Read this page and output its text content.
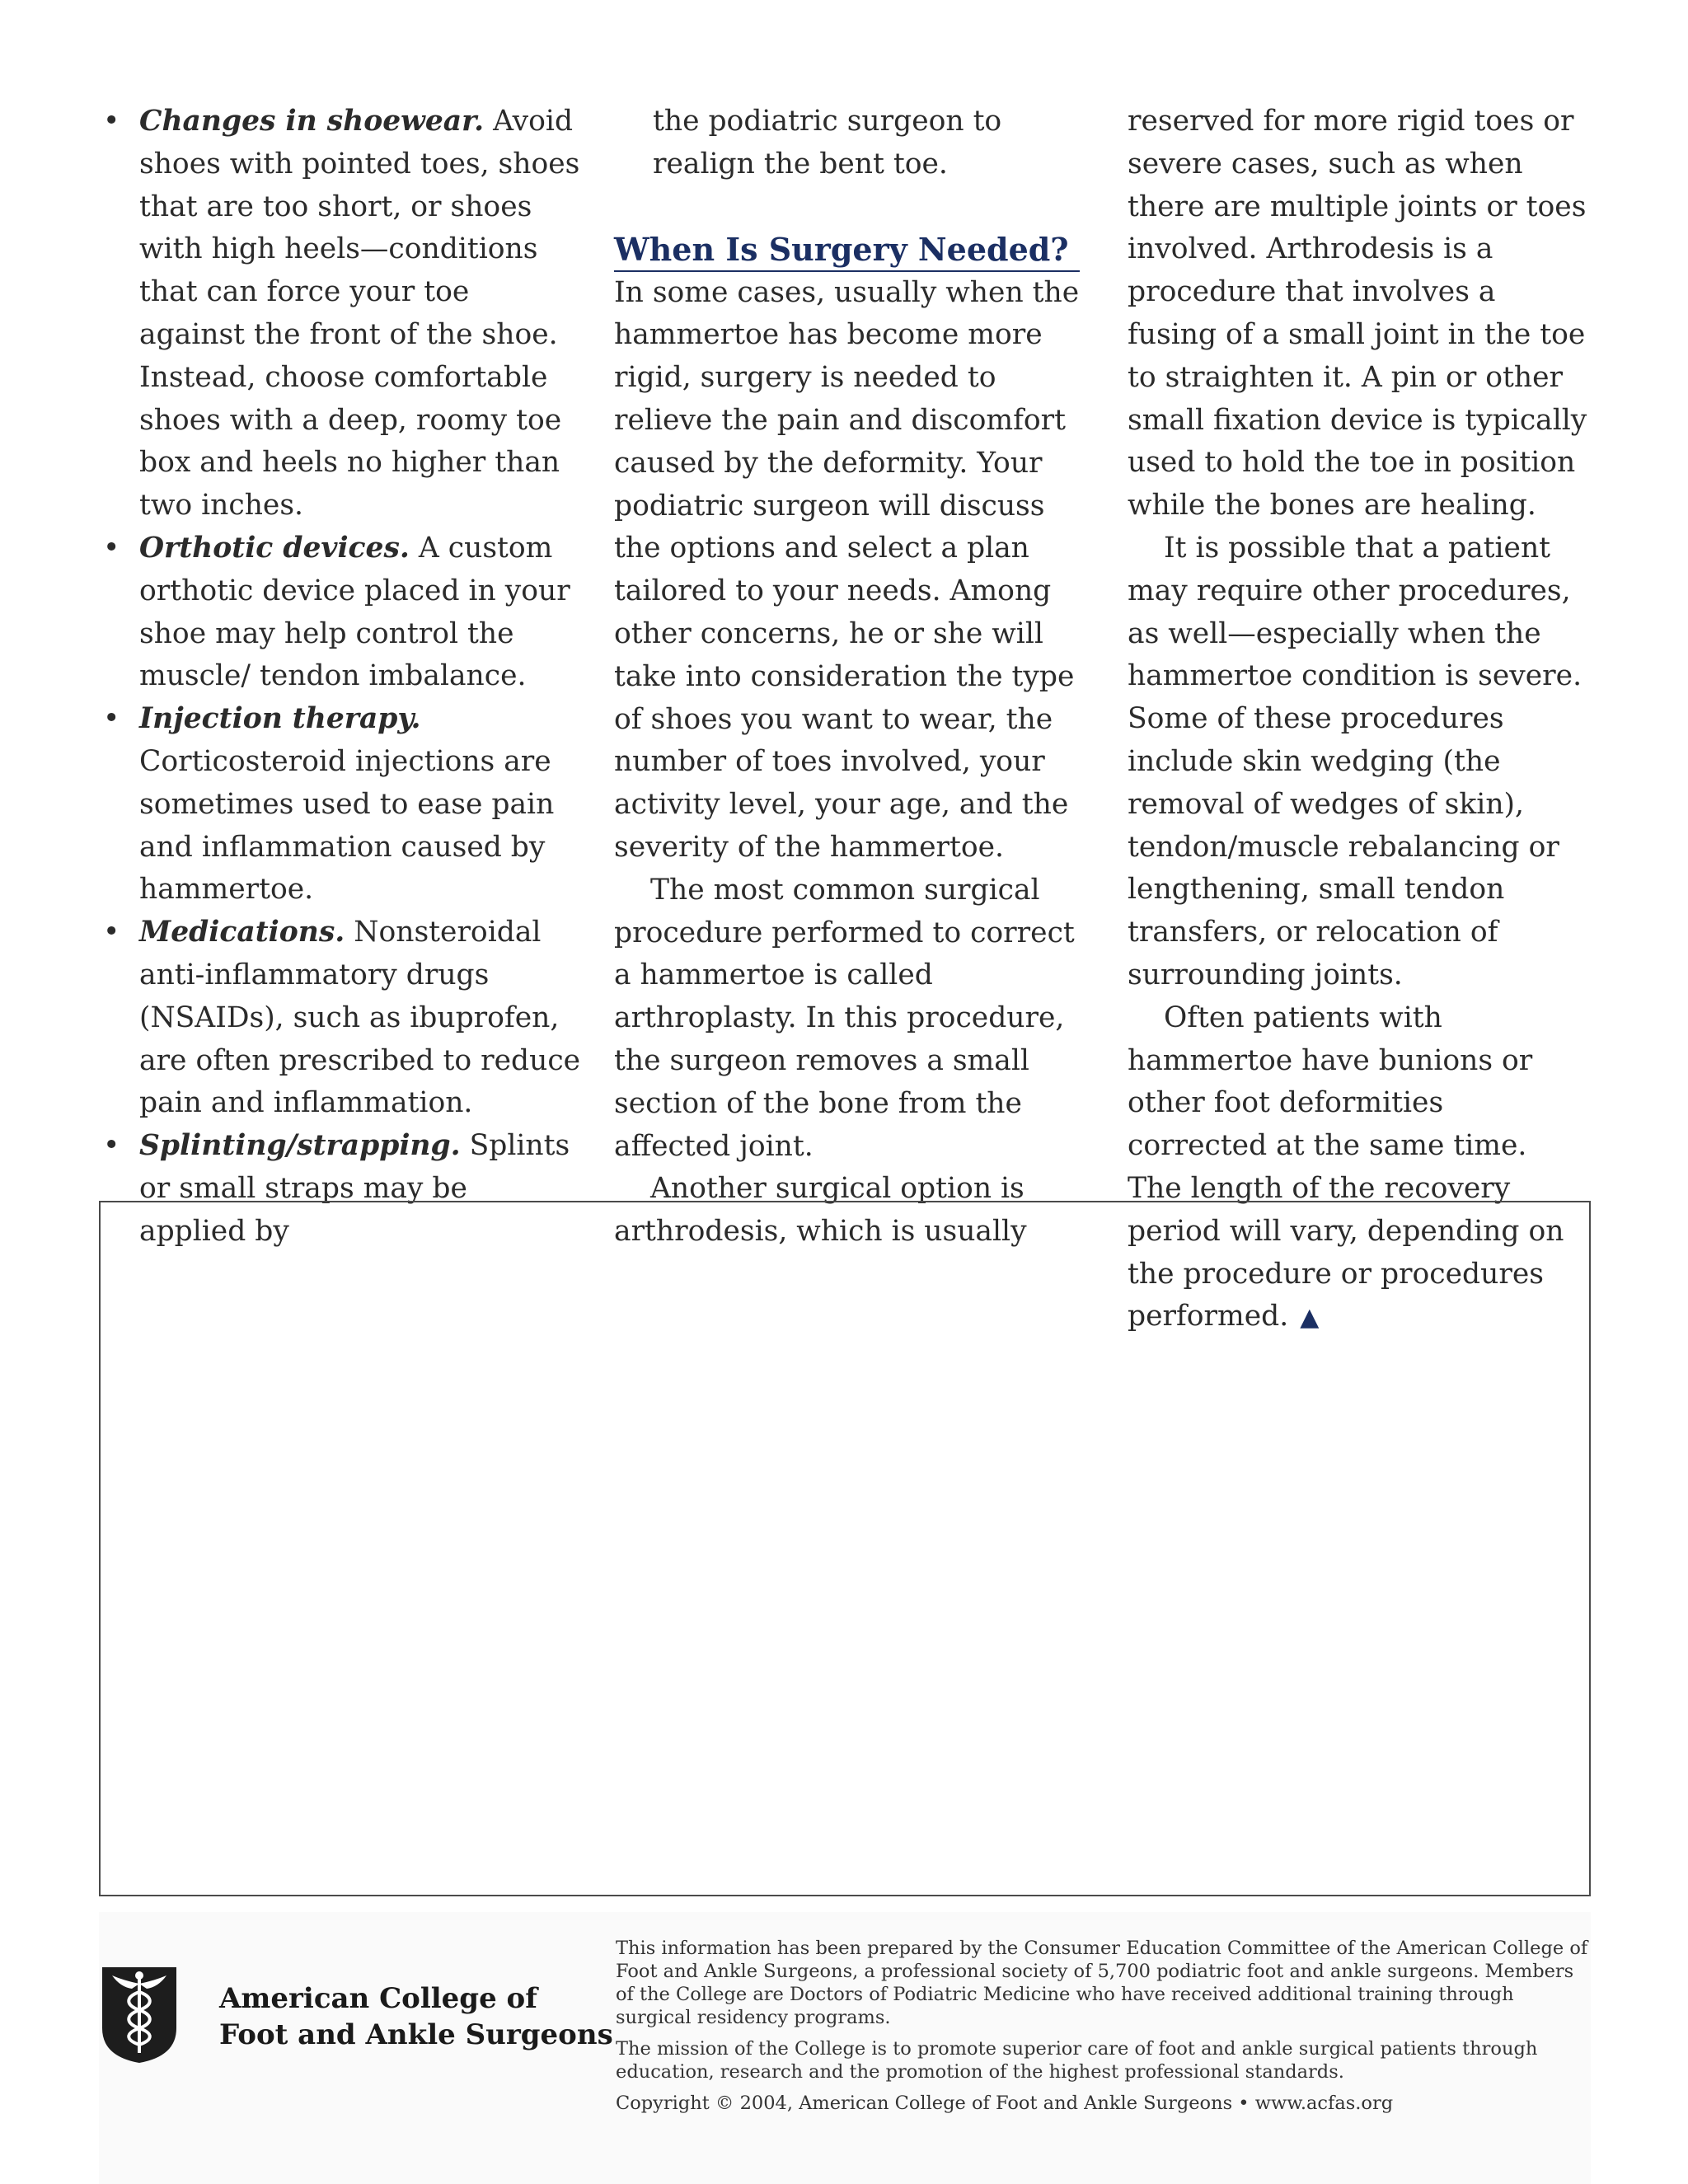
• Changes in shoewear. Avoid shoes with pointed toes, shoes that are too short, or shoes with high heels—conditions that can force your toe against the front of the shoe. Instead, choose comfortable shoes with a deep, roomy toe box and heels no higher than two inches.
• Orthotic devices. A custom orthotic device placed in your shoe may help control the muscle/ tendon imbalance.
• Injection therapy. Corticosteroid injections are sometimes used to ease pain and inflammation caused by hammertoe.
• Medications. Nonsteroidal anti-inflammatory drugs (NSAIDs), such as ibuprofen, are often prescribed to reduce pain and inflammation.
• Splinting/strapping. Splints or small straps may be applied by

the podiatric surgeon to realign the bent toe.

When Is Surgery Needed?

In some cases, usually when the hammertoe has become more rigid, surgery is needed to relieve the pain and discomfort caused by the deformity. Your podiatric surgeon will discuss the options and select a plan tailored to your needs. Among other concerns, he or she will take into consideration the type of shoes you want to wear, the number of toes involved, your activity level, your age, and the severity of the hammertoe.

The most common surgical procedure performed to correct a hammertoe is called arthroplasty. In this procedure, the surgeon removes a small section of the bone from the affected joint.

Another surgical option is arthrodesis, which is usually

reserved for more rigid toes or severe cases, such as when there are multiple joints or toes involved. Arthrodesis is a procedure that involves a fusing of a small joint in the toe to straighten it. A pin or other small fixation device is typically used to hold the toe in position while the bones are healing.

It is possible that a patient may require other procedures, as well—especially when the hammertoe condition is severe. Some of these procedures include skin wedging (the removal of wedges of skin), tendon/muscle rebalancing or lengthening, small tendon transfers, or relocation of surrounding joints.

Often patients with hammertoe have bunions or other foot deformities corrected at the same time. The length of the recovery period will vary, depending on the procedure or procedures performed. ▲

American College of
Foot and Ankle Surgeons

This information has been prepared by the Consumer Education Committee of the American College of Foot and Ankle Surgeons, a professional society of 5,700 podiatric foot and ankle surgeons. Members of the College are Doctors of Podiatric Medicine who have received additional training through surgical residency programs.

The mission of the College is to promote superior care of foot and ankle surgical patients through education, research and the promotion of the highest professional standards.

Copyright © 2004, American College of Foot and Ankle Surgeons • www.acfas.org
